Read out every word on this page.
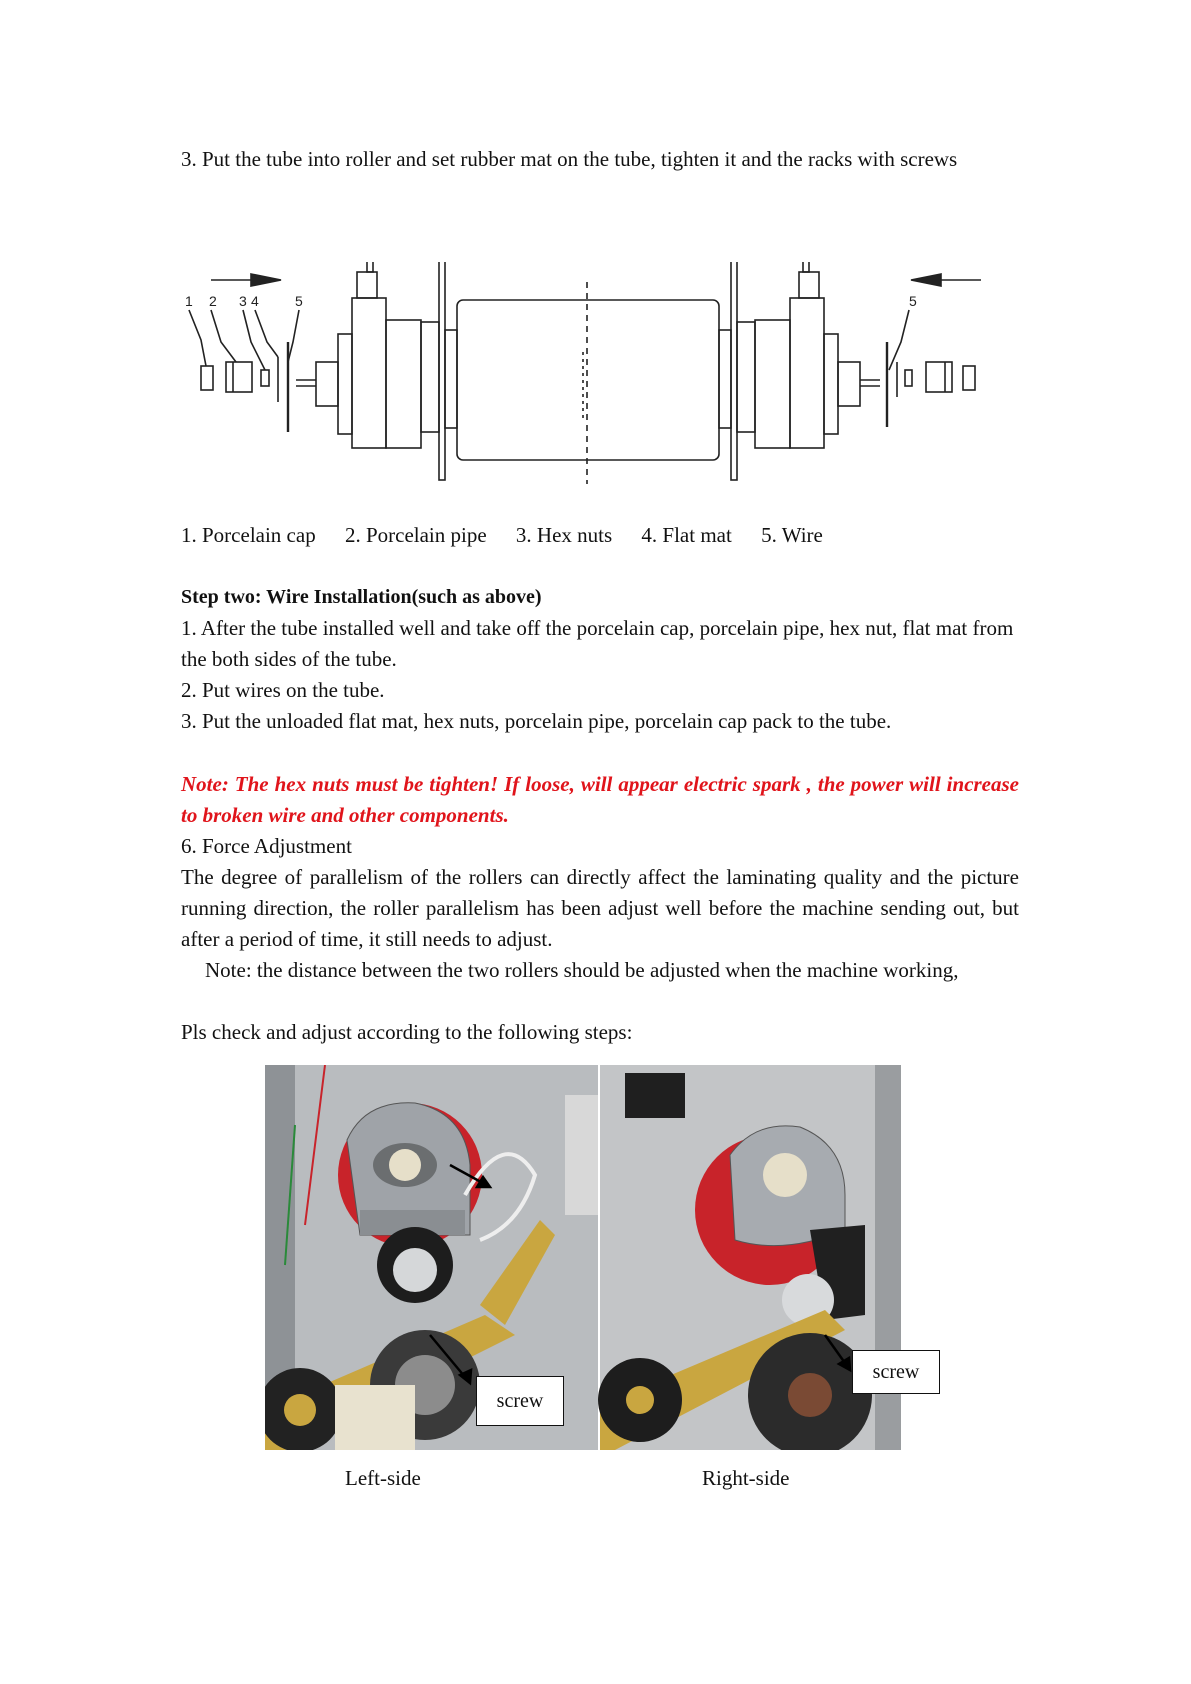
3. Put the tube into roller and set rubber mat on the tube, tighten it and the racks with screws
1 2 3 4	5	5
1. Porcelain cap 2. Porcelain pipe 3. Hex nuts 4. Flat mat 5. Wire
Step two: Wire Installation(such as above)
1. After the tube installed well and take off the porcelain cap, porcelain pipe, hex nut, flat mat from the both sides of the tube.
2. Put wires on the tube.
3. Put the unloaded flat mat, hex nuts, porcelain pipe, porcelain cap pack to the tube.
Note: The hex nuts must be tighten! If loose, will appear electric spark , the power will increase to broken wire and other components.
6. Force Adjustment
The degree of parallelism of the rollers can directly affect the laminating quality and the picture running direction, the roller parallelism has been adjust well before the machine sending out, but after a period of time, it still needs to adjust.
Note: the distance between the two rollers should be adjusted when the machine working,
Pls check and adjust according to the following steps:
screw
screw
Left-side	Right-side
